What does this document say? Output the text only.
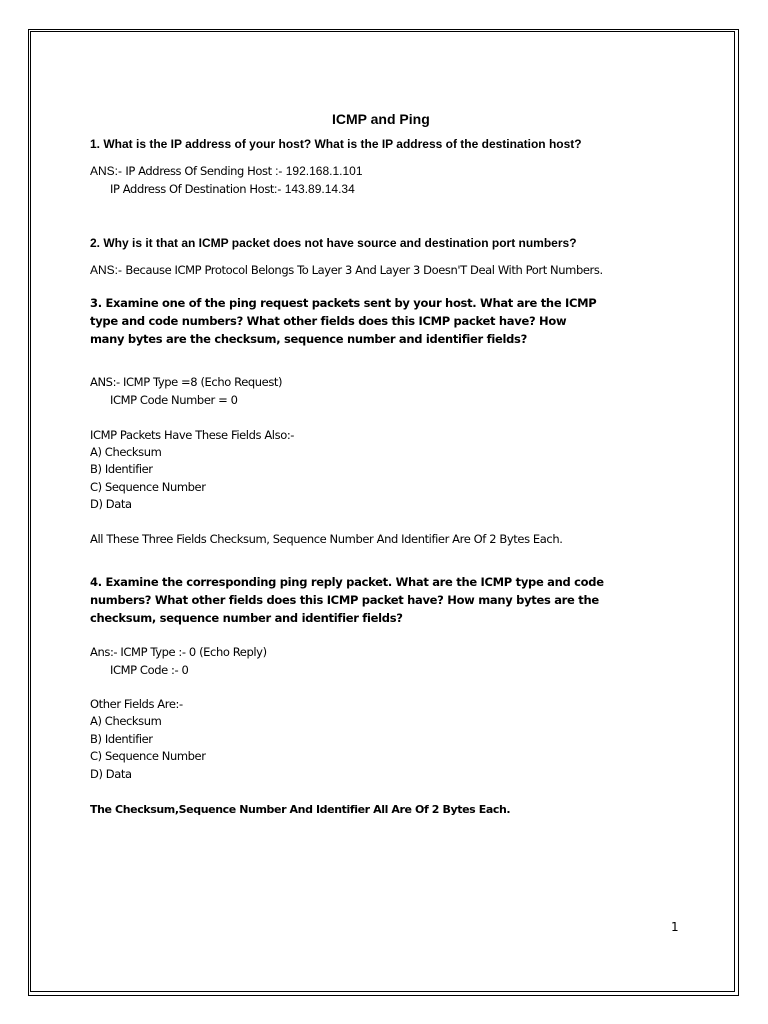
ICMP and Ping
1. What is the IP address of your host? What is the IP address of the destination host?
ANS:- IP Address Of Sending Host :- 192.168.1.101
IP Address Of Destination Host:- 143.89.14.34
2. Why is it that an ICMP packet does not have source and destination port numbers?
ANS:- Because ICMP Protocol Belongs To Layer 3 And Layer 3 Doesn'T Deal With Port Numbers.
3. Examine one of the ping request packets sent by your host. What are the ICMP
type and code numbers? What other fields does this ICMP packet have? How
many bytes are the checksum, sequence number and identifier fields?
ANS:- ICMP Type =8 (Echo Request)
ICMP Code Number = 0
ICMP Packets Have These Fields Also:-
A) Checksum
B) Identifier
C) Sequence Number
D) Data
All These Three Fields Checksum, Sequence Number And Identifier Are Of 2 Bytes Each.
4. Examine the corresponding ping reply packet. What are the ICMP type and code
numbers? What other fields does this ICMP packet have? How many bytes are the
checksum, sequence number and identifier fields?
Ans:- ICMP Type :- 0 (Echo Reply)
ICMP Code :- 0
Other Fields Are:-
A) Checksum
B) Identifier
C) Sequence Number
D) Data
The Checksum,Sequence Number And Identifier All Are Of 2 Bytes Each.
1
